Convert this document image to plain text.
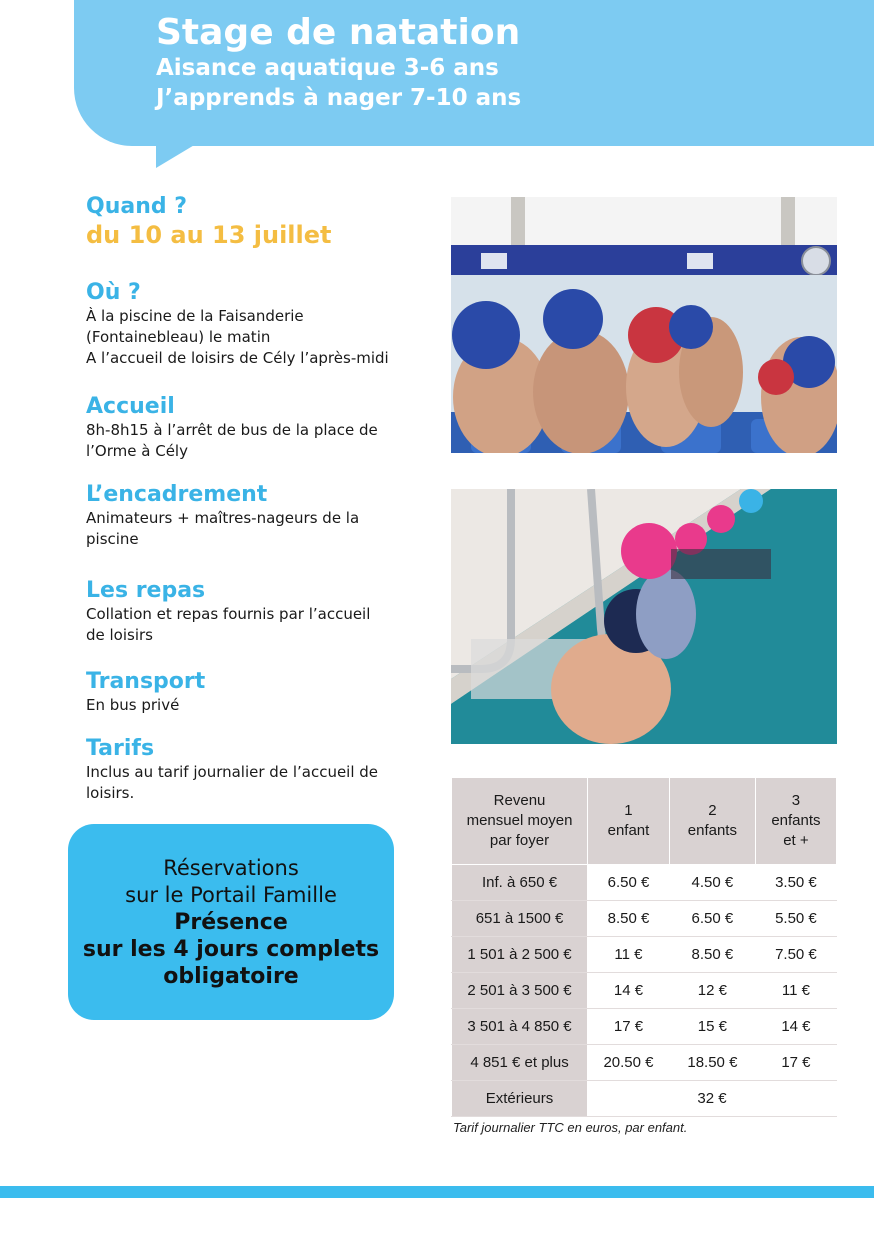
Stage de natation
Aisance aquatique 3-6 ans
J’apprends à nager 7-10 ans
Quand ?
du 10 au 13 juillet
Où ?
À la piscine de la Faisanderie
(Fontainebleau) le matin
A l’accueil de loisirs de Cély l’après-midi
Accueil
8h-8h15 à l’arrêt de bus de la place de
l’Orme à Cély
L’encadrement
Animateurs + maîtres-nageurs de la
piscine
Les repas
Collation et repas fournis par l’accueil
de loisirs
Transport
En bus privé
Tarifs
Inclus au tarif journalier de l’accueil de
loisirs.
Réservations
sur le Portail Famille
Présence
sur les 4 jours complets
obligatoire
Revenu
mensuel moyen
par foyer	1
enfant	2
enfants	3
enfants
et +
Inf. à 650 €	6.50 €	4.50 €	3.50 €
651 à 1500 €	8.50 €	6.50 €	5.50 €
1 501 à 2 500 €	11 €	8.50 €	7.50 €
2 501 à 3 500 €	14 €	12 €	11 €
3 501 à 4 850 €	17 €	15 €	14 €
4 851 € et plus	20.50 €	18.50 €	17 €
Extérieurs	32 €		
Tarif journalier TTC en euros, par enfant.
